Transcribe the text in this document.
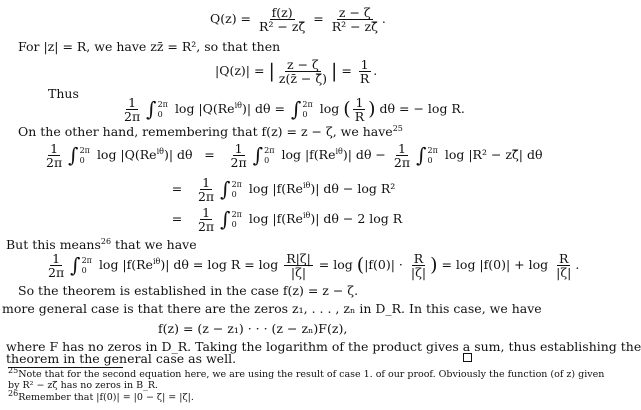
$Q(z) = \frac{f(z)}{\text{R² − zζ̄}} = \frac{z - \zeta}{\text{R² − zζ̄}}$ .
For |z| = R, we have zz̄ = R², so that then
|Q(z)| = | $\frac{z - \zeta}{z(z̄ - \zetā)}$ | = $\frac{1}{R}$ .
Thus
$\frac{1}{2\pi}$ ∫ 2π
0 $\log |Q(Re^{i\theta})|$ dθ = ∫ 2π
0 log ( $\frac{1}{R}$ ) dθ = − log R.
On the other hand, remembering that f(z) = z − ζ, we have$^{25}$
$\frac{1}{2\pi}$ ∫ 2π
0 $\log |Q(Re^{i\theta})|$ $d\theta = \frac{1}{2\pi}$ ∫ 2π
0 $\log |f(Re^{i\theta})|$ $d\theta - \frac{1}{2\pi}$ ∫ 2π
0 log |R² − zζ̄| dθ
= $\frac{1}{2\pi}$ ∫ 2π
0 $\log |f(Re^{i\theta})|$ dθ − log R²
= $\frac{1}{2\pi}$ ∫ 2π
0 $\log |f(Re^{i\theta})|$ dθ − 2 log R
But this means$^{26}$ that we have
$\frac{1}{2\pi}$ ∫ 2π
0 $\log |f(Re^{i\theta})|$ $d\theta = \log R = \log \frac{R|\zeta|}{|\zeta|} = \log (|f(0)| \cdot \frac{R}{|\zeta|}$ ) = $\log |f(0)| + \log \frac{R}{|\zeta|}$ .
So the theorem is established in the case f(z) = z − ζ.
more general case is that there are the zeros z₁, . . . , zₙ in D_R. In this case, we have
f(z) = (z − z₁) · · · (z − zₙ)F(z),
where F has no zeros in D_R. Taking the logarithm of the product gives a sum, thus establishing the
theorem in the general case as well.
$^{25}$Note that for the second equation here, we are using the result of case 1. of our proof. Obviously the function (of z) given
by R² − zζ̄ has no zeros in B_R.
$^{26}$Remember that |f(0)| = |0 − ζ| = |ζ|.
